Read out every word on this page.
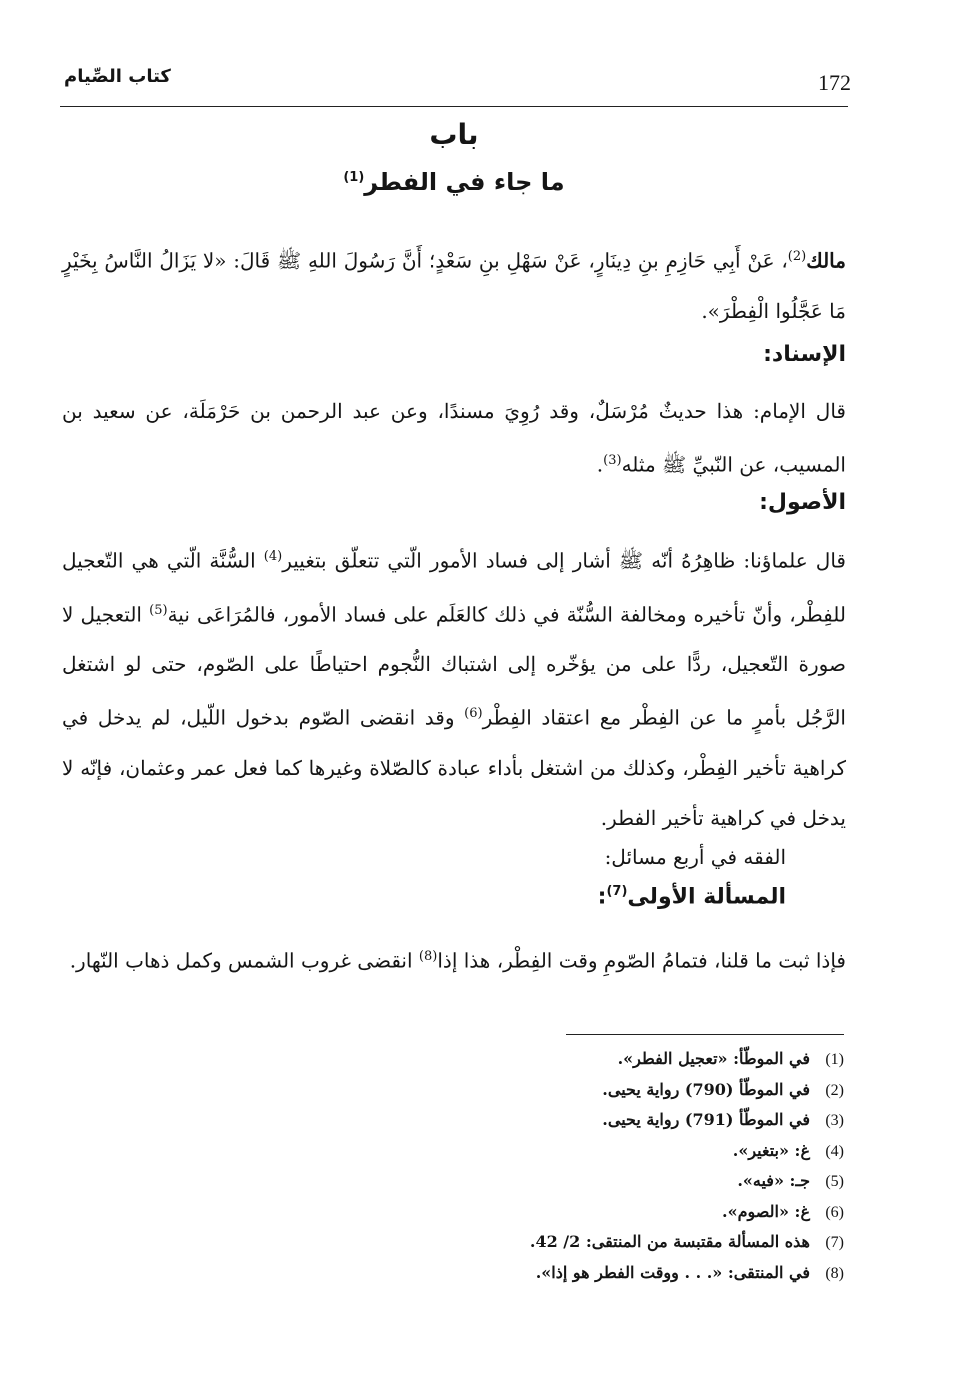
172
كتاب الصِّيام
باب
ما جاء في الفطر$^{(1)}$
مالك$^{(2)}$، عَنْ أَبِي حَازِمِ بنِ دِينَارٍ، عَنْ سَهْلِ بنِ سَعْدٍ؛ أَنَّ رَسُولَ اللهِ ﷺ قَالَ: «لا يَزَالُ النَّاسُ بِخَيْرٍ مَا عَجَّلُوا الْفِطْرَ».
الإسناد:
قال الإمام: هذا حديثٌ مُرْسَلٌ، وقد رُوِيَ مسندًا، وعن عبد الرحمن بن حَرْمَلَة، عن سعيد بن المسيب، عن النّبيِّ ﷺ مثله$^{(3)}$.
الأصول:
قال علماؤنا: ظاهِرُهُ أنّه ﷺ أشار إلى فساد الأمور الّتي تتعلّق بتغيير$^{(4)}$ السُّنَّة الّتي هي التّعجيل للفِطْر، وأنّ تأخيره ومخالفة السُّنّة في ذلك كالعَلَم على فساد الأمور، فالمُرَاعَى نية$^{(5)}$ التعجيل لا صورة التّعجيل، ردًّا على من يؤخّره إلى اشتباك النُّجوم احتياطًا على الصّوم، حتى لو اشتغل الرَّجُل بأمرٍ ما عن الفِطْر مع اعتقاد الفِطْر$^{(6)}$ وقد انقضى الصّوم بدخول اللّيل، لم يدخل في كراهية تأخير الفِطْر، وكذلك من اشتغل بأداء عبادة كالصّلاة وغيرها كما فعل عمر وعثمان، فإنّه لا يدخل في كراهية تأخير الفطر.
الفقه في أربع مسائل:
المسألة الأولى$^{(7)}$:
فإذا ثبت ما قلنا، فتمامُ الصّومِ وقت الفِطْر، هذا إذا$^{(8)}$ انقضى غروب الشمس وكمل ذهاب النّهار.
(1)
في الموطّأ: «تعجيل الفطر».
(2)
في الموطّأ (790) رواية يحيى.
(3)
في الموطّأ (791) رواية يحيى.
(4)
غ: «بتغير».
(5)
جـ: «فيه».
(6)
غ: «الصوم».
(7)
هذه المسألة مقتبسة من المنتقى: 2/ 42.
(8)
في المنتقى: «. . . ووقت الفطر هو إذا».
